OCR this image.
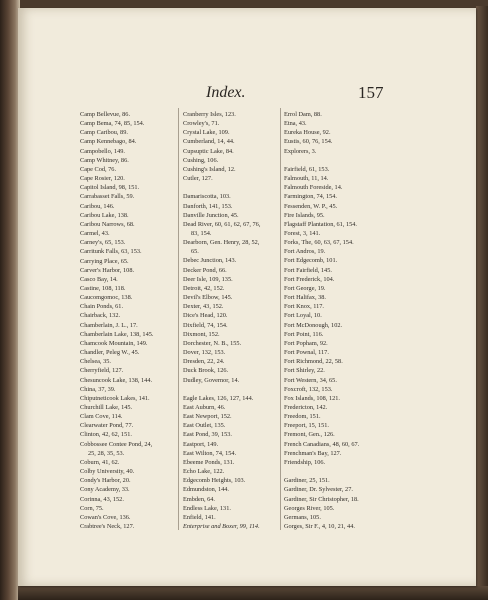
Index.	157
Camp Bellevue, 86.
Camp Bema, 74, 85, 154.
Camp Caribou, 89.
Camp Kennebago, 84.
Campobello, 149.
Camp Whitney, 86.
Cape Cod, 76.
Cape Rosier, 120.
Capitol Island, 98, 151.
Carrabasset Falls, 59.
Caribou, 146.
Caribou Lake, 138.
Caribou Narrows, 68.
Carmel, 43.
Carney's, 65, 153.
Carritunk Falls, 63, 153.
Carrying Place, 65.
Carver's Harbor, 108.
Casco Bay, 14.
Castine, 108, 118.
Caucomgomoc, 138.
Chain Ponds, 61.
Chairback, 132.
Chamberlain, J. L., 17.
Chamberlain Lake, 138, 145.
Chamcook Mountain, 149.
Chandler, Peleg W., 45.
Chelsea, 35.
Cherryfield, 127.
Chesuncook Lake, 138, 144.
China, 37, 39.
Chiputneticook Lakes, 141.
Churchill Lake, 145.
Clam Cove, 114.
Clearwater Pond, 77.
Clinton, 42, 62, 151.
Cobbossee Contee Pond, 24,
25, 28, 35, 53.
Coburn, 41, 62.
Colby University, 40.
Condy's Harbor, 20.
Cony Academy, 33.
Corinna, 43, 152.
Corn, 75.
Cowan's Cove, 136.
Crabtree's Neck, 127.
Cranberry Isles, 123.
Crowley's, 71.
Crystal Lake, 109.
Cumberland, 14, 44.
Cupsuptic Lake, 84.
Cushing, 106.
Cushing's Island, 12.
Cutler, 127.
Damariscotta, 103.
Danforth, 141, 153.
Danville Junction, 45.
Dead River, 60, 61, 62, 67, 76,
83, 154.
Dearborn, Gen. Henry, 28, 52,
65.
Debec Junction, 143.
Decker Pond, 66.
Deer Isle, 109, 135.
Detroit, 42, 152.
Devil's Elbow, 145.
Dexter, 43, 152.
Dice's Head, 120.
Dixfield, 74, 154.
Dixmont, 152.
Dorchester, N. B., 155.
Dover, 132, 153.
Dresden, 22, 24.
Duck Brook, 126.
Dudley, Governor, 14.
Eagle Lakes, 126, 127, 144.
East Auburn, 46.
East Newport, 152.
East Outlet, 135.
East Pond, 39, 153.
Eastport, 149.
East Wilton, 74, 154.
Ebeeme Ponds, 131.
Echo Lake, 122.
Edgecomb Heights, 103.
Edmundston, 144.
Embden, 64.
Endless Lake, 131.
Enfield, 141.
Enterprise and Boxer, 99, 114.
Errol Dam, 88.
Etna, 43.
Eureka House, 92.
Eustis, 60, 76, 154.
Explorers, 3.
Fairfield, 61, 153.
Falmouth, 11, 14.
Falmouth Foreside, 14.
Farmington, 74, 154.
Fessenden, W. P., 45.
Fire Islands, 95.
Flagstaff Plantation, 61, 154.
Forest, 3, 141.
Forks, The, 60, 63, 67, 154.
Fort Andros, 19.
Fort Edgecomb, 101.
Fort Fairfield, 145.
Fort Frederick, 104.
Fort George, 19.
Fort Halifax, 38.
Fort Knox, 117.
Fort Loyal, 10.
Fort McDonough, 102.
Fort Point, 116.
Fort Popham, 92.
Fort Pownal, 117.
Fort Richmond, 22, 58.
Fort Shirley, 22.
Fort Western, 34, 65.
Foxcroft, 132, 153.
Fox Islands, 108, 121.
Fredericton, 142.
Freedom, 151.
Freeport, 15, 151.
Fremont, Gen., 126.
French Canadians, 48, 60, 67.
Frenchman's Bay, 127.
Friendship, 106.
Gardiner, 25, 151.
Gardiner, Dr. Sylvester, 27.
Gardiner, Sir Christopher, 18.
Georges River, 105.
Germans, 105.
Gorges, Sir F., 4, 10, 21, 44.
